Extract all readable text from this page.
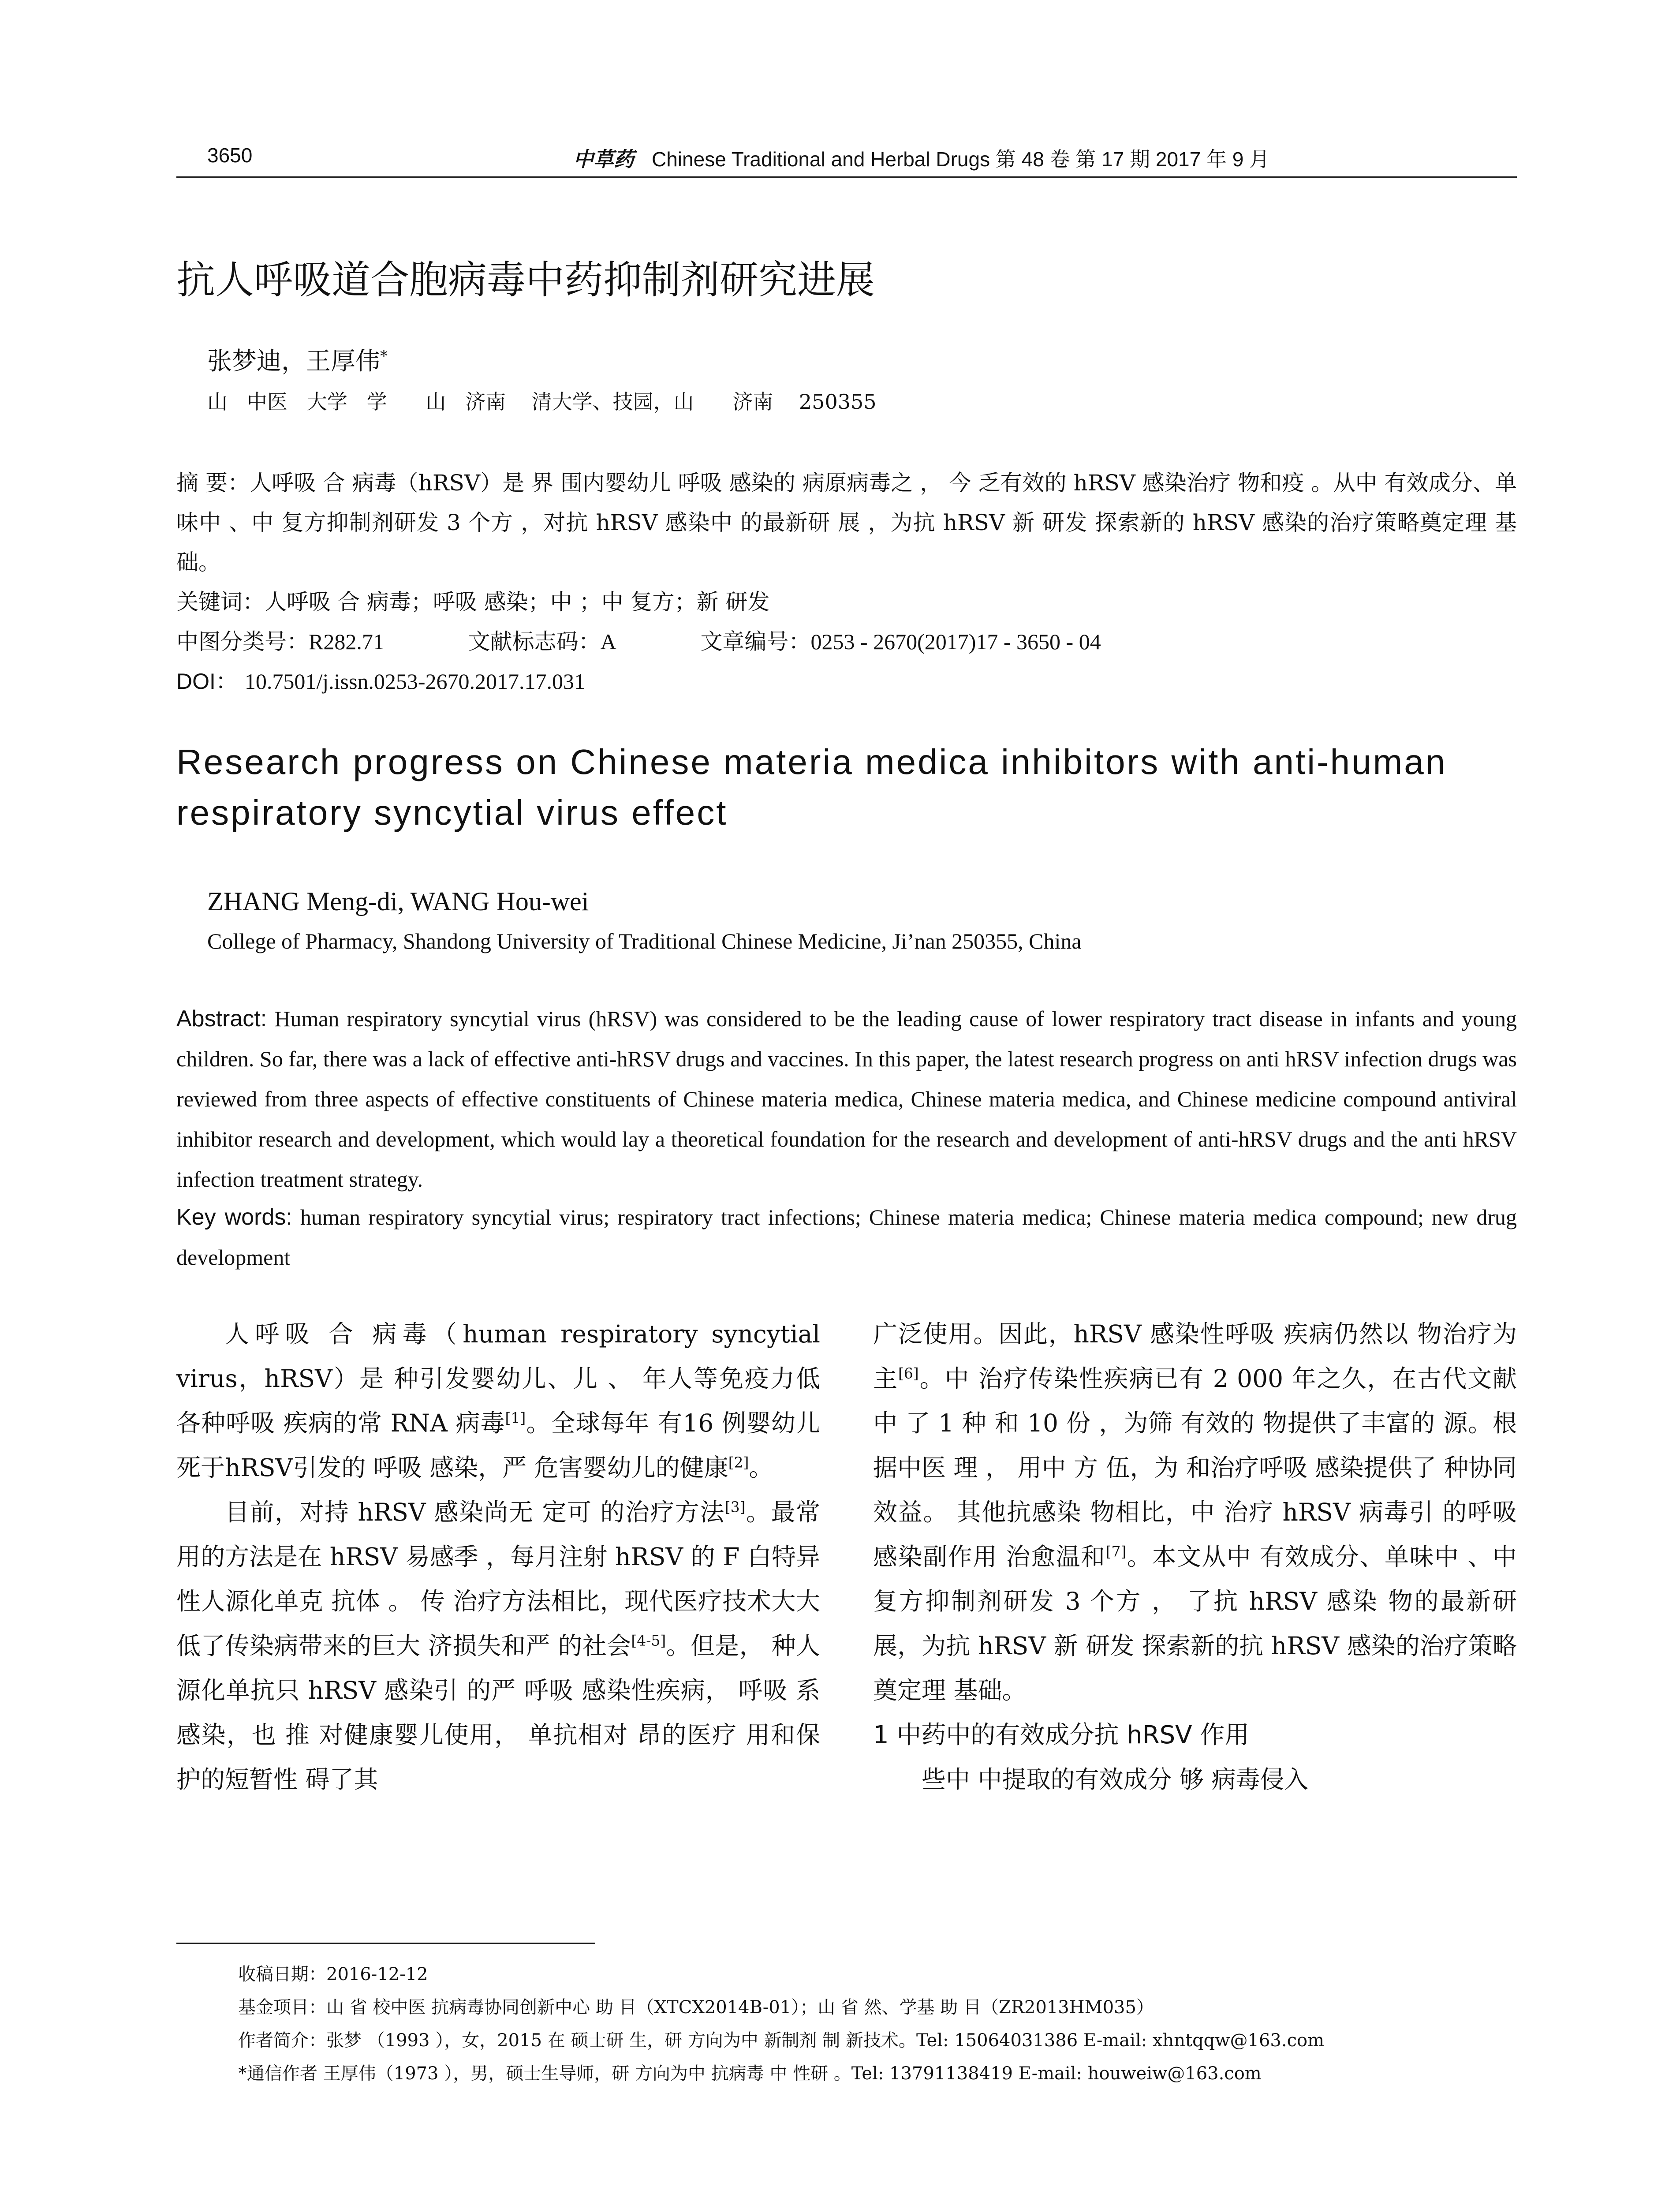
3650	中草药 Chinese Traditional and Herbal Drugs 第 48 卷 第 17 期 2017 年 9 月
抗人呼吸道合胞病毒中药抑制剂研究进展
张梦迪，王厚伟*
山   中医   大学   学      山   济南    清大学、技园，山      济南    250355
摘 要：人呼吸 合 病毒（hRSV）是 界 围内婴幼儿 呼吸 感染的 病原病毒之 ， 今 乏有效的 hRSV 感染治疗 物和疫 。从中 有效成分、单味中 、中 复方抑制剂研发 3 个方 ，对抗 hRSV 感染中 的最新研 展 ，为抗 hRSV 新 研发 探索新的 hRSV 感染的治疗策略奠定理 基础。
关键词：人呼吸 合 病毒；呼吸 感染；中 ；中 复方；新 研发
中图分类号：R282.71	文献标志码：A	文章编号：0253 - 2670(2017)17 - 3650 - 04
DOI： 10.7501/j.issn.0253-2670.2017.17.031
Research progress on Chinese materia medica inhibitors with anti-human respiratory syncytial virus effect
ZHANG Meng-di, WANG Hou-wei
College of Pharmacy, Shandong University of Traditional Chinese Medicine, Ji’nan 250355, China
Abstract: Human respiratory syncytial virus (hRSV) was considered to be the leading cause of lower respiratory tract disease in infants and young children. So far, there was a lack of effective anti-hRSV drugs and vaccines. In this paper, the latest research progress on anti hRSV infection drugs was reviewed from three aspects of effective constituents of Chinese materia medica, Chinese materia medica, and Chinese medicine compound antiviral inhibitor research and development, which would lay a theoretical foundation for the research and development of anti-hRSV drugs and the anti hRSV infection treatment strategy.
Key words: human respiratory syncytial virus; respiratory tract infections; Chinese materia medica; Chinese materia medica compound; new drug development

人呼吸 合 病毒（human respiratory syncytial virus，hRSV）是 种引发婴幼儿、儿 、 年人等免疫力低 各种呼吸 疾病的常 RNA 病毒[1]。全球每年 有16 例婴幼儿死于hRSV引发的 呼吸 感染，严 危害婴幼儿的健康[2]。

目前，对持 hRSV 感染尚无 定可 的治疗方法[3]。最常用的方法是在 hRSV 易感季 ，每月注射 hRSV 的 F 白特异性人源化单克 抗体 。 传 治疗方法相比，现代医疗技术大大 低了传染病带来的巨大 济损失和严 的社会[4-5]。但是， 种人源化单抗只 hRSV 感染引 的严 呼吸 感染性疾病， 呼吸 系 感染，也 推 对健康婴儿使用， 单抗相对 昂的医疗 用和保护的短暂性 碍了其

广泛使用。因此，hRSV 感染性呼吸 疾病仍然以 物治疗为主[6]。中 治疗传染性疾病已有 2 000 年之久，在古代文献中 了 1 种 和 10 份 ，为筛 有效的 物提供了丰富的 源。根据中医 理 ， 用中 方 伍，为 和治疗呼吸 感染提供了 种协同效益。 其他抗感染 物相比，中 治疗 hRSV 病毒引 的呼吸 感染副作用 治愈温和[7]。本文从中 有效成分、单味中 、中 复方抑制剂研发 3 个方 ， 了抗 hRSV 感染 物的最新研 展，为抗 hRSV 新 研发 探索新的抗 hRSV 感染的治疗策略奠定理 基础。

1 中药中的有效成分抗 hRSV 作用

些中 中提取的有效成分 够 病毒侵入

收稿日期：2016-12-12
基金项目：山 省 校中医 抗病毒协同创新中心 助 目（XTCX2014B-01）；山 省 然、学基 助 目（ZR2013HM035）
作者简介：张梦 （1993 ），女，2015 在 硕士研 生，研 方向为中 新制剂 制 新技术。Tel: 15064031386 E-mail: xhntqqw@163.com
*通信作者 王厚伟（1973 ），男，硕士生导师，研 方向为中 抗病毒 中 性研 。Tel: 13791138419 E-mail: houweiw@163.com
